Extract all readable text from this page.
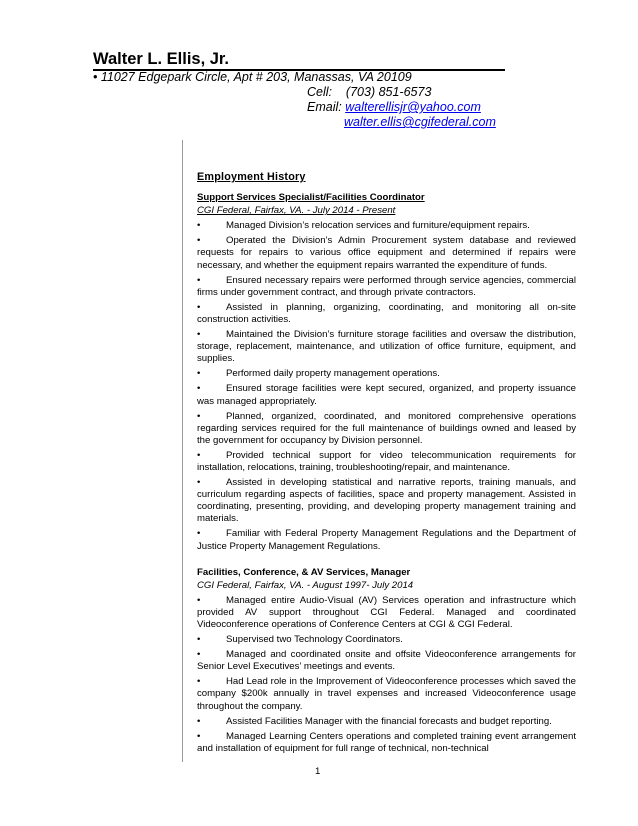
Walter L. Ellis, Jr.
• 11027 Edgepark Circle, Apt # 203, Manassas, VA 20109
Cell: (703) 851-6573
Email: walterellisjr@yahoo.com
walter.ellis@cgifederal.com
Employment History
Support Services Specialist/Facilities Coordinator
CGI Federal, Fairfax, VA. - July 2014 - Present
•	Managed Division’s relocation services and furniture/equipment repairs.
•	Operated the Division’s Admin Procurement system database and reviewed requests for repairs to various office equipment and determined if repairs were necessary, and whether the equipment repairs warranted the expenditure of funds.
•	Ensured necessary repairs were performed through service agencies, commercial firms under government contract, and through private contractors.
•	Assisted in planning, organizing, coordinating, and monitoring all on-site construction activities.
•	Maintained the Division’s furniture storage facilities and oversaw the distribution, storage, replacement, maintenance, and utilization of office furniture, equipment, and supplies.
•	Performed daily property management operations.
•	Ensured storage facilities were kept secured, organized, and property issuance was managed appropriately.
•	Planned, organized, coordinated, and monitored comprehensive operations regarding services required for the full maintenance of buildings owned and leased by the government for occupancy by Division personnel.
•	Provided technical support for video telecommunication requirements for installation, relocations, training, troubleshooting/repair, and maintenance.
•	Assisted in developing statistical and narrative reports, training manuals, and curriculum regarding aspects of facilities, space and property management. Assisted in coordinating, presenting, providing, and developing property management training and materials.
•	Familiar with Federal Property Management Regulations and the Department of Justice Property Management Regulations.
Facilities, Conference, & AV Services, Manager
CGI Federal, Fairfax, VA. - August 1997- July 2014
•	Managed entire Audio-Visual (AV) Services operation and infrastructure which provided AV support throughout CGI Federal. Managed and coordinated Videoconference operations of Conference Centers at CGI & CGI Federal.
•	Supervised two Technology Coordinators.
•	Managed and coordinated onsite and offsite Videoconference arrangements for Senior Level Executives’ meetings and events.
•	Had Lead role in the Improvement of Videoconference processes which saved the company $200k annually in travel expenses and increased Videoconference usage throughout the company.
•	Assisted Facilities Manager with the financial forecasts and budget reporting.
•	Managed Learning Centers operations and completed training event arrangement and installation of equipment for full range of technical, non-technical
1
